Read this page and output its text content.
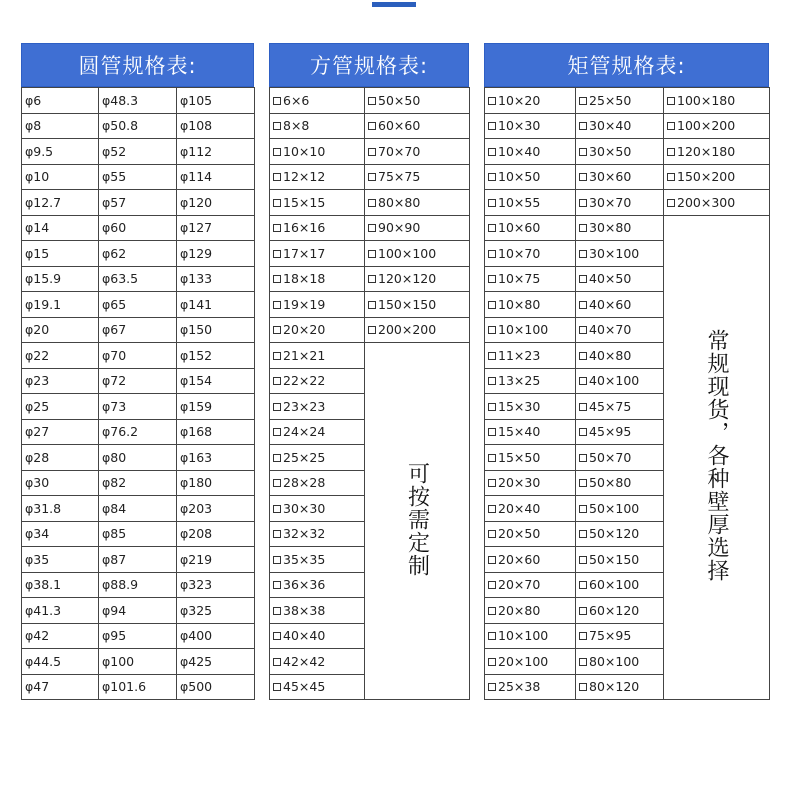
圆管规格表:
φ6	φ48.3	φ105
φ8	φ50.8	φ108
φ9.5	φ52	φ112
φ10	φ55	φ114
φ12.7	φ57	φ120
φ14	φ60	φ127
φ15	φ62	φ129
φ15.9	φ63.5	φ133
φ19.1	φ65	φ141
φ20	φ67	φ150
φ22	φ70	φ152
φ23	φ72	φ154
φ25	φ73	φ159
φ27	φ76.2	φ168
φ28	φ80	φ163
φ30	φ82	φ180
φ31.8	φ84	φ203
φ34	φ85	φ208
φ35	φ87	φ219
φ38.1	φ88.9	φ323
φ41.3	φ94	φ325
φ42	φ95	φ400
φ44.5	φ100	φ425
φ47	φ101.6	φ500
方管规格表:
6×6	50×50
8×8	60×60
10×10	70×70
12×12	75×75
15×15	80×80
16×16	90×90
17×17	100×100
18×18	120×120
19×19	150×150
20×20	200×200
21×21	可按需定制
22×22	
23×23	
24×24	
25×25	
28×28	
30×30	
32×32	
35×35	
36×36	
38×38	
40×40	
42×42	
45×45	
矩管规格表:
10×20	25×50	100×180
10×30	30×40	100×200
10×40	30×50	120×180
10×50	30×60	150×200
10×55	30×70	200×300
10×60	30×80	常规现货，各种壁厚选择
10×70	30×100	
10×75	40×50	
10×80	40×60	
10×100	40×70	
11×23	40×80	
13×25	40×100	
15×30	45×75	
15×40	45×95	
15×50	50×70	
20×30	50×80	
20×40	50×100	
20×50	50×120	
20×60	50×150	
20×70	60×100	
20×80	60×120	
10×100	75×95	
20×100	80×100	
25×38	80×120	
